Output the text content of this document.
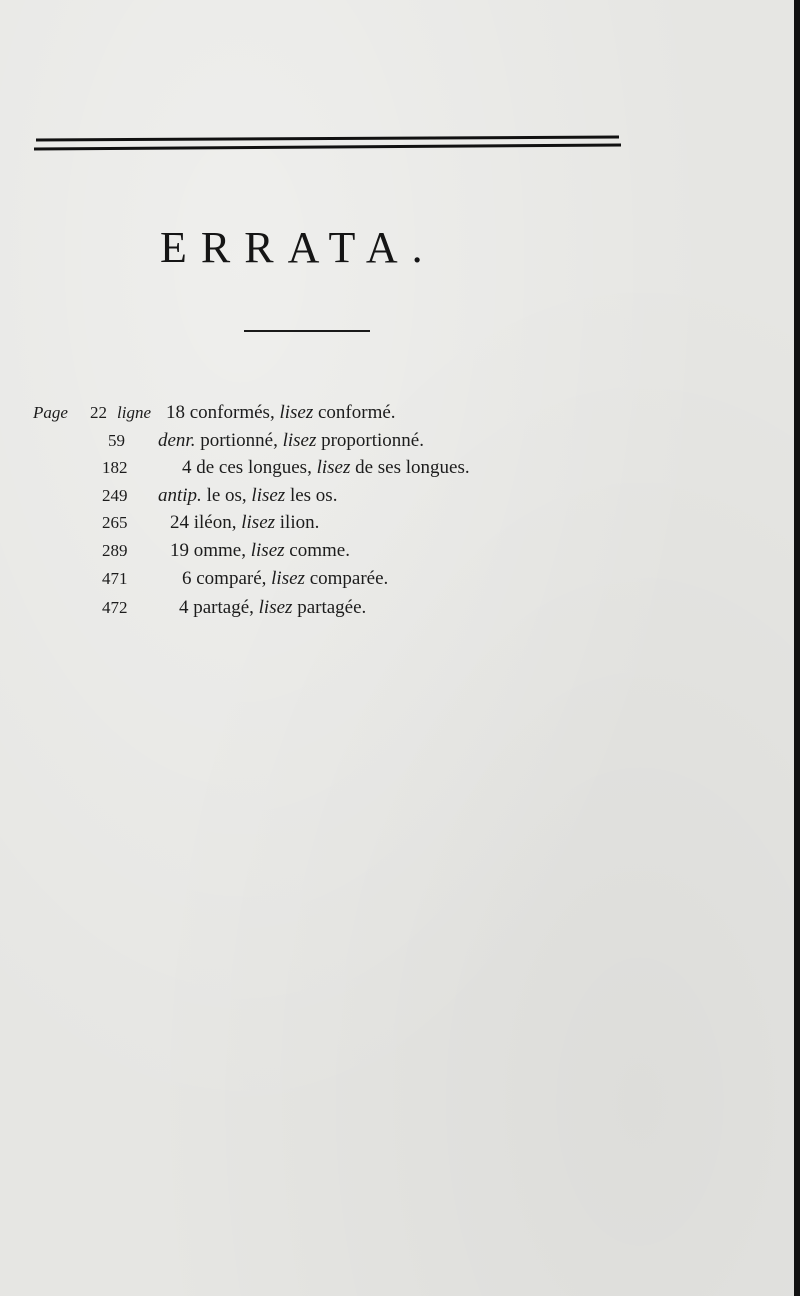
ERRATA.
Page 22 ligne 18 conformés, lisez conformé.
59 denr. portionné, lisez proportionné.
182	4 de ces longues, lisez de ses longues.
249 antip. le os, lisez les os.
265 24 iléon, lisez ilion.
289 19 omme, lisez comme.
471	6 comparé, lisez comparée.
472	4 partagé, lisez partagée.
